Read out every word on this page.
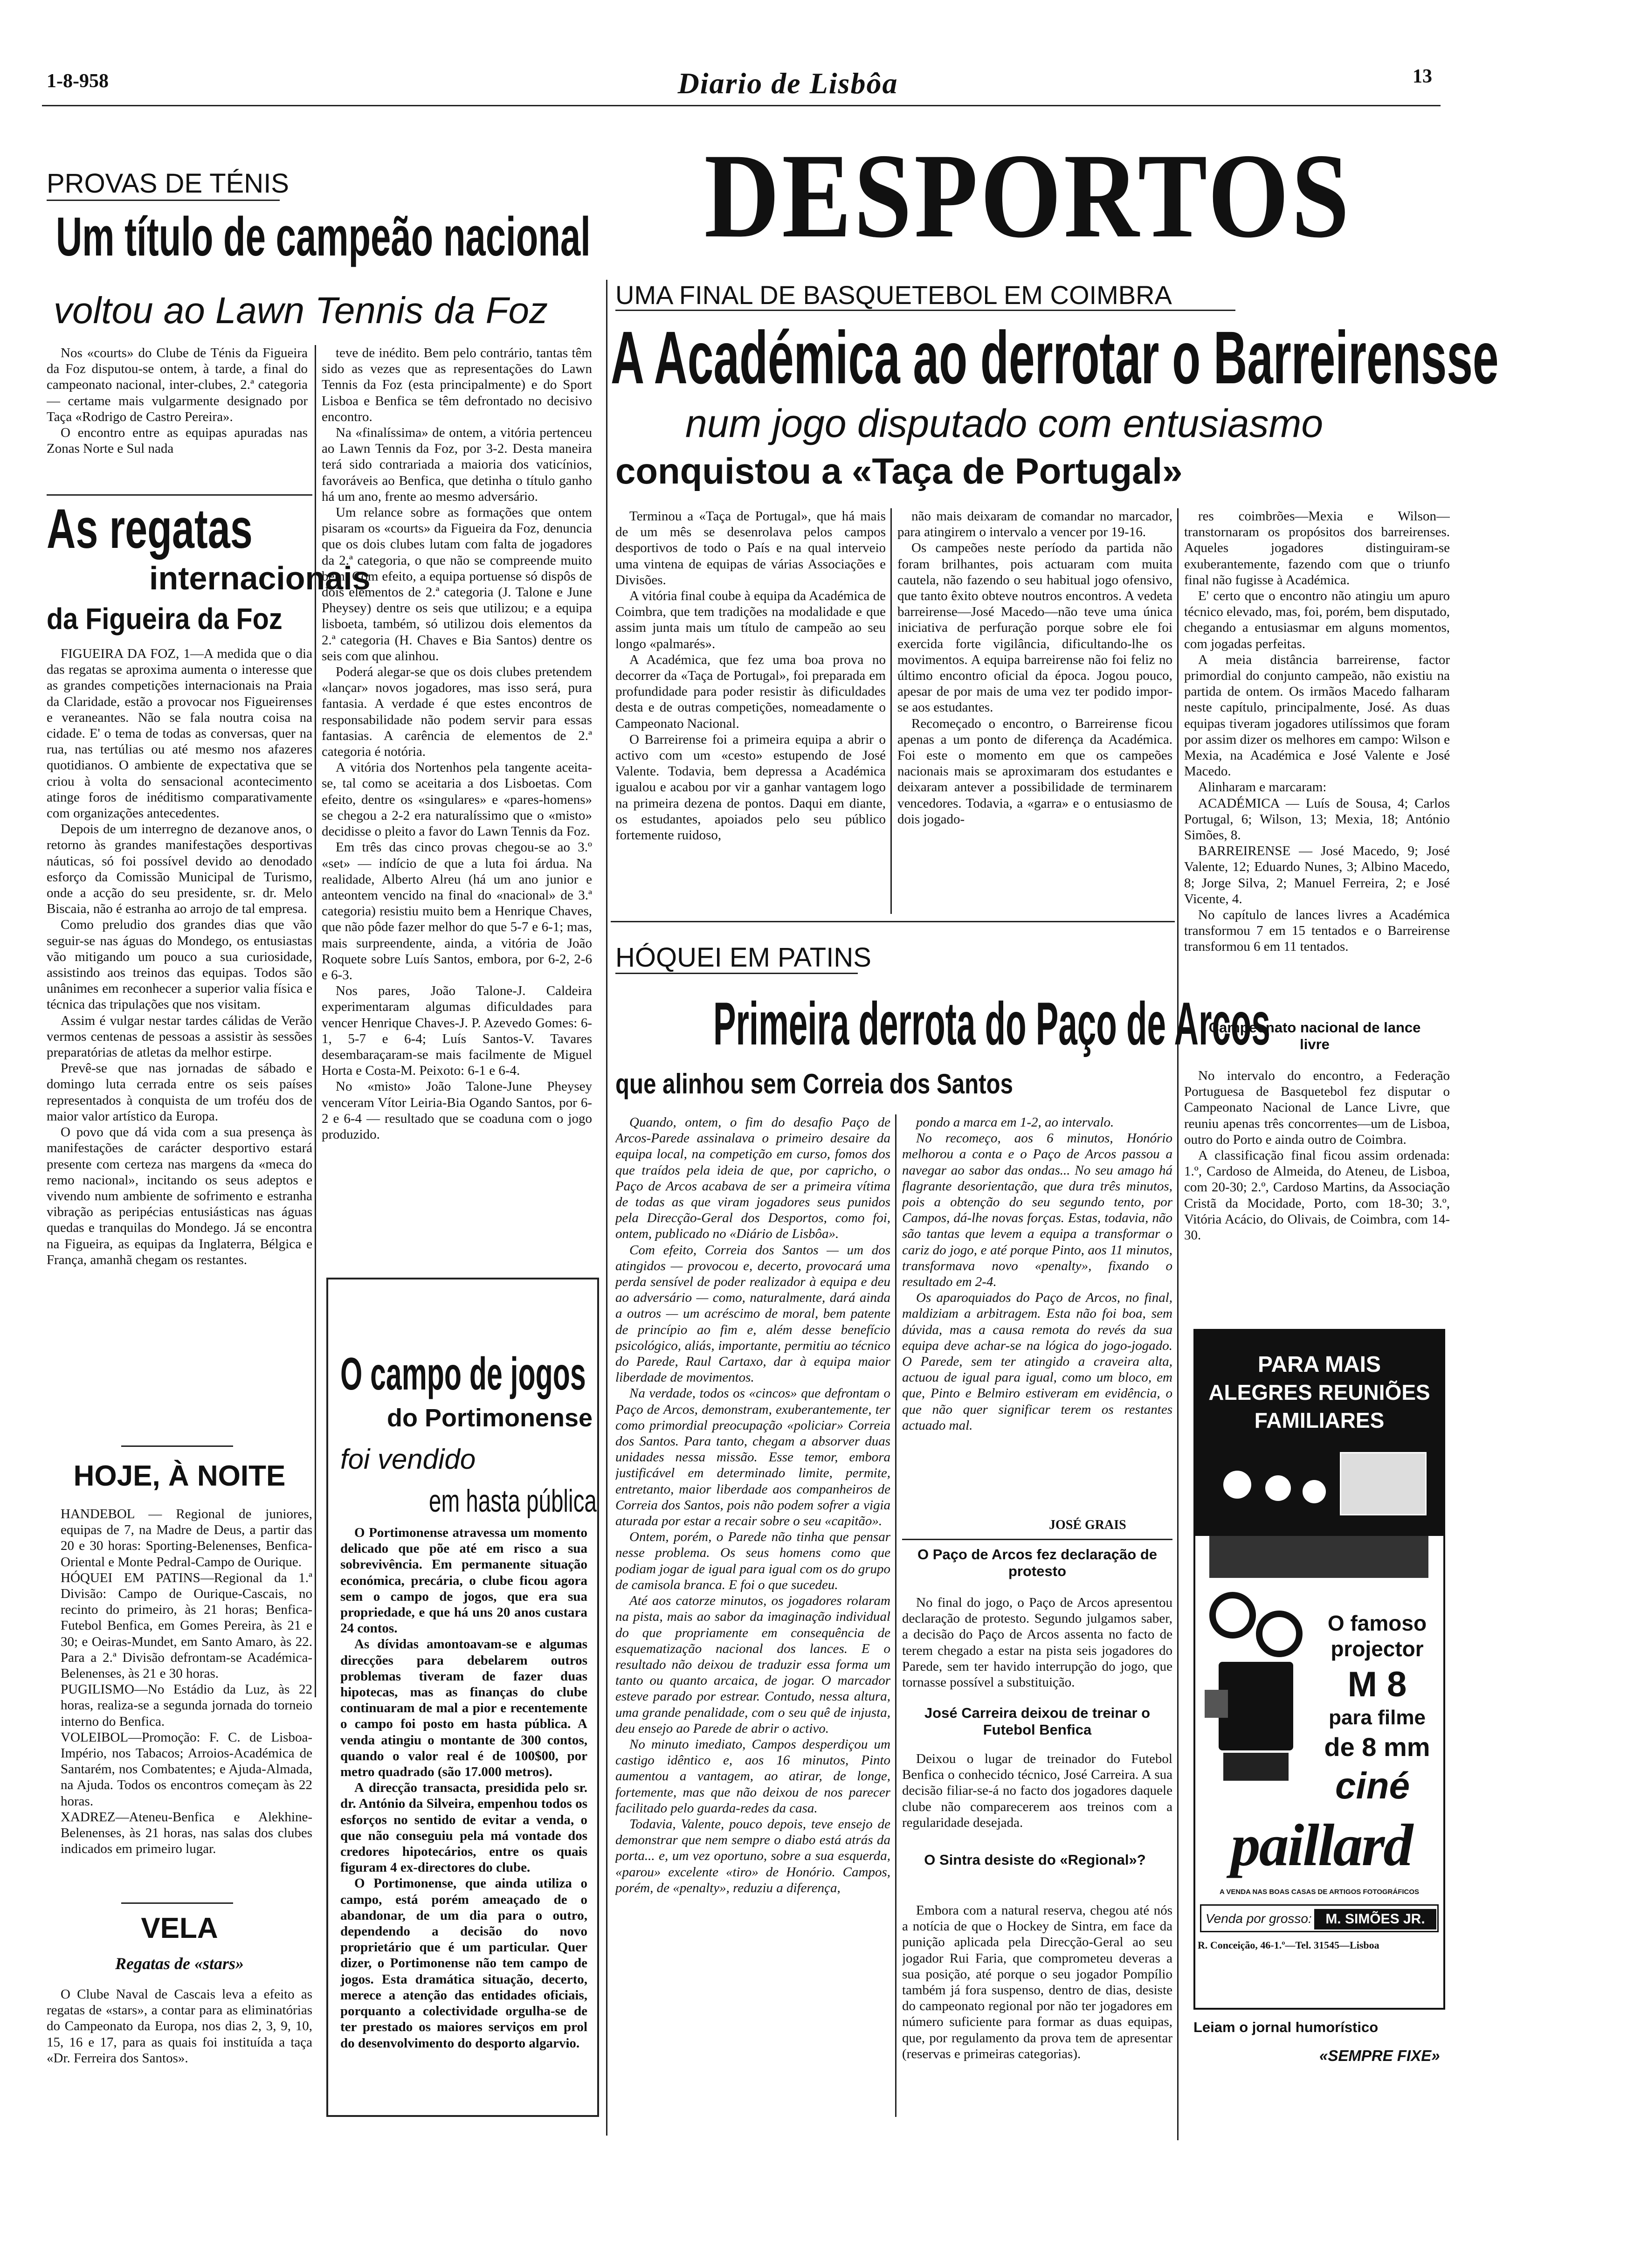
1-8-958	Diario de Lisbôa	13
PROVAS DE TÉNIS
Um título de campeão nacional
voltou ao Lawn Tennis da Foz

Nos «courts» do Clube de Ténis da Figueira da Foz disputou-se ontem, à tarde, a final do campeonato nacional, inter-clubes, 2.ª categoria — certame mais vulgarmente designado por Taça «Rodrigo de Castro Pereira».

O encontro entre as equipas apuradas nas Zonas Norte e Sul nada

teve de inédito. Bem pelo contrário, tantas têm sido as vezes que as representações do Lawn Tennis da Foz (esta principalmente) e do Sport Lisboa e Benfica se têm defrontado no decisivo encontro.

Na «finalíssima» de ontem, a vitória pertenceu ao Lawn Tennis da Foz, por 3-2. Desta maneira terá sido contrariada a maioria dos vaticínios, favoráveis ao Benfica, que detinha o título ganho há um ano, frente ao mesmo adversário.

Um relance sobre as formações que ontem pisaram os «courts» da Figueira da Foz, denuncia que os dois clubes lutam com falta de jogadores da 2.ª categoria, o que não se compreende muito bem. Com efeito, a equipa portuense só dispôs de dois elementos de 2.ª categoria (J. Talone e June Pheysey) dentre os seis que utilizou; e a equipa lisboeta, também, só utilizou dois elementos da 2.ª categoria (H. Chaves e Bia Santos) dentre os seis com que alinhou.

Poderá alegar-se que os dois clubes pretendem «lançar» novos jogadores, mas isso será, pura fantasia. A verdade é que estes encontros de responsabilidade não podem servir para essas fantasias. A carência de elementos de 2.ª categoria é notória.

A vitória dos Nortenhos pela tangente aceita-se, tal como se aceitaria a dos Lisboetas. Com efeito, dentre os «singulares» e «pares-homens» se chegou a 2-2 era naturalíssimo que o «misto» decidisse o pleito a favor do Lawn Tennis da Foz.

Em três das cinco provas chegou-se ao 3.º «set» — indício de que a luta foi árdua. Na realidade, Alberto Alreu (há um ano junior e anteontem vencido na final do «nacional» de 3.ª categoria) resistiu muito bem a Henrique Chaves, que não pôde fazer melhor do que 5-7 e 6-1; mas, mais surpreendente, ainda, a vitória de João Roquete sobre Luís Santos, embora, por 6-2, 2-6 e 6-3.

Nos pares, João Talone-J. Caldeira experimentaram algumas dificuldades para vencer Henrique Chaves-J. P. Azevedo Gomes: 6-1, 5-7 e 6-4; Luís Santos-V. Tavares desembaraçaram-se mais facilmente de Miguel Horta e Costa-M. Peixoto: 6-1 e 6-4.

No «misto» João Talone-June Pheysey venceram Vítor Leiria-Bia Ogando Santos, por 6-2 e 6-4 — resultado que se coaduna com o jogo produzido.

As regatas
internacionais
da Figueira da Foz

FIGUEIRA DA FOZ, 1—A medida que o dia das regatas se aproxima aumenta o interesse que as grandes competições internacionais na Praia da Claridade, estão a provocar nos Figueirenses e veraneantes. Não se fala noutra coisa na cidade. E' o tema de todas as conversas, quer na rua, nas tertúlias ou até mesmo nos afazeres quotidianos. O ambiente de expectativa que se criou à volta do sensacional acontecimento atinge foros de inéditismo comparativamente com organizações antecedentes.

Depois de um interregno de dezanove anos, o retorno às grandes manifestações desportivas náuticas, só foi possível devido ao denodado esforço da Comissão Municipal de Turismo, onde a acção do seu presidente, sr. dr. Melo Biscaia, não é estranha ao arrojo de tal empresa.

Como preludio dos grandes dias que vão seguir-se nas águas do Mondego, os entusiastas vão mitigando um pouco a sua curiosidade, assistindo aos treinos das equipas. Todos são unânimes em reconhecer a superior valia física e técnica das tripulações que nos visitam.

Assim é vulgar nestar tardes cálidas de Verão vermos centenas de pessoas a assistir às sessões preparatórias de atletas da melhor estirpe.

Prevê-se que nas jornadas de sábado e domingo luta cerrada entre os seis países representados à conquista de um troféu dos de maior valor artístico da Europa.

O povo que dá vida com a sua presença às manifestações de carácter desportivo estará presente com certeza nas margens da «meca do remo nacional», incitando os seus adeptos e vivendo num ambiente de sofrimento e estranha vibração as peripécias entusiásticas nas águas quedas e tranquilas do Mondego. Já se encontra na Figueira, as equipas da Inglaterra, Bélgica e França, amanhã chegam os restantes.

HOJE, À NOITE

HANDEBOL — Regional de juniores, equipas de 7, na Madre de Deus, a partir das 20 e 30 horas: Sporting-Belenenses, Benfica-Oriental e Monte Pedral-Campo de Ourique.

HÓQUEI EM PATINS—Regional da 1.ª Divisão: Campo de Ourique-Cascais, no recinto do primeiro, às 21 horas; Benfica-Futebol Benfica, em Gomes Pereira, às 21 e 30; e Oeiras-Mundet, em Santo Amaro, às 22. Para a 2.ª Divisão defrontam-se Académica-Belenenses, às 21 e 30 horas.

PUGILISMO—No Estádio da Luz, às 22 horas, realiza-se a segunda jornada do torneio interno do Benfica.

VOLEIBOL—Promoção: F. C. de Lisboa-Império, nos Tabacos; Arroios-Académica de Santarém, nos Combatentes; e Ajuda-Almada, na Ajuda. Todos os encontros começam às 22 horas.

XADREZ—Ateneu-Benfica e Alekhine-Belenenses, às 21 horas, nas salas dos clubes indicados em primeiro lugar.

VELA
Regatas de «stars»

O Clube Naval de Cascais leva a efeito as regatas de «stars», a contar para as eliminatórias do Campeonato da Europa, nos dias 2, 3, 9, 10, 15, 16 e 17, para as quais foi instituída a taça «Dr. Ferreira dos Santos».

O campo de jogos
do Portimonense
foi vendido
em hasta pública

O Portimonense atravessa um momento delicado que põe até em risco a sua sobrevivência. Em permanente situação económica, precária, o clube ficou agora sem o campo de jogos, que era sua propriedade, e que há uns 20 anos custara 24 contos.

As dívidas amontoavam-se e algumas direcções para debelarem outros problemas tiveram de fazer duas hipotecas, mas as finanças do clube continuaram de mal a pior e recentemente o campo foi posto em hasta pública. A venda atingiu o montante de 300 contos, quando o valor real é de 100$00, por metro quadrado (são 17.000 metros).

A direcção transacta, presidida pelo sr. dr. António da Silveira, empenhou todos os esforços no sentido de evitar a venda, o que não conseguiu pela má vontade dos credores hipotecários, entre os quais figuram 4 ex-directores do clube.

O Portimonense, que ainda utiliza o campo, está porém ameaçado de o abandonar, de um dia para o outro, dependendo a decisão do novo proprietário que é um particular. Quer dizer, o Portimonense não tem campo de jogos. Esta dramática situação, decerto, merece a atenção das entidades oficiais, porquanto a colectividade orgulha-se de ter prestado os maiores serviços em prol do desenvolvimento do desporto algarvio.

DESPORTOS
UMA FINAL DE BASQUETEBOL EM COIMBRA
A Académica ao derrotar o Barreirensse
num jogo disputado com entusiasmo
conquistou a «Taça de Portugal»

Terminou a «Taça de Portugal», que há mais de um mês se desenrolava pelos campos desportivos de todo o País e na qual interveio uma vintena de equipas de várias Associações e Divisões.

A vitória final coube à equipa da Académica de Coimbra, que tem tradições na modalidade e que assim junta mais um título de campeão ao seu longo «palmarés».

A Académica, que fez uma boa prova no decorrer da «Taça de Portugal», foi preparada em profundidade para poder resistir às dificuldades desta e de outras competições, nomeadamente o Campeonato Nacional.

O Barreirense foi a primeira equipa a abrir o activo com um «cesto» estupendo de José Valente. Todavia, bem depressa a Académica igualou e acabou por vir a ganhar vantagem logo na primeira dezena de pontos. Daqui em diante, os estudantes, apoiados pelo seu público fortemente ruidoso,

não mais deixaram de comandar no marcador, para atingirem o intervalo a vencer por 19-16.

Os campeões neste período da partida não foram brilhantes, pois actuaram com muita cautela, não fazendo o seu habitual jogo ofensivo, que tanto êxito obteve noutros encontros. A vedeta barreirense—José Macedo—não teve uma única iniciativa de perfuração porque sobre ele foi exercida forte vigilância, dificultando-lhe os movimentos. A equipa barreirense não foi feliz no último encontro oficial da época. Jogou pouco, apesar de por mais de uma vez ter podido impor-se aos estudantes.

Recomeçado o encontro, o Barreirense ficou apenas a um ponto de diferença da Académica. Foi este o momento em que os campeões nacionais mais se aproximaram dos estudantes e deixaram antever a possibilidade de terminarem vencedores. Todavia, a «garra» e o entusiasmo de dois jogado-

res coimbrões—Mexia e Wilson—transtornaram os propósitos dos barreirenses. Aqueles jogadores distinguiram-se exuberantemente, fazendo com que o triunfo final não fugisse à Académica.

E' certo que o encontro não atingiu um apuro técnico elevado, mas, foi, porém, bem disputado, chegando a entusiasmar em alguns momentos, com jogadas perfeitas.

A meia distância barreirense, factor primordial do conjunto campeão, não existiu na partida de ontem. Os irmãos Macedo falharam neste capítulo, principalmente, José. As duas equipas tiveram jogadores utilíssimos que foram por assim dizer os melhores em campo: Wilson e Mexia, na Académica e José Valente e José Macedo.

Alinharam e marcaram:

ACADÉMICA — Luís de Sousa, 4; Carlos Portugal, 6; Wilson, 13; Mexia, 18; António Simões, 8.

BARREIRENSE — José Macedo, 9; José Valente, 12; Eduardo Nunes, 3; Albino Macedo, 8; Jorge Silva, 2; Manuel Ferreira, 2; e José Vicente, 4.

No capítulo de lances livres a Académica transformou 7 em 15 tentados e o Barreirense transformou 6 em 11 tentados.

Campeonato nacional de lance livre

No intervalo do encontro, a Federação Portuguesa de Basquetebol fez disputar o Campeonato Nacional de Lance Livre, que reuniu apenas três concorrentes—um de Lisboa, outro do Porto e ainda outro de Coimbra.

A classificação final ficou assim ordenada: 1.º, Cardoso de Almeida, do Ateneu, de Lisboa, com 20-30; 2.º, Cardoso Martins, da Associação Cristã da Mocidade, Porto, com 18-30; 3.º, Vitória Acácio, do Olivais, de Coimbra, com 14-30.

HÓQUEI EM PATINS
Primeira derrota do Paço de Arcos
que alinhou sem Correia dos Santos

Quando, ontem, o fim do desafio Paço de Arcos-Parede assinalava o primeiro desaire da equipa local, na competição em curso, fomos dos que traídos pela ideia de que, por capricho, o Paço de Arcos acabava de ser a primeira vítima de todas as que viram jogadores seus punidos pela Direcção-Geral dos Desportos, como foi, ontem, publicado no «Diário de Lisbôa».

Com efeito, Correia dos Santos — um dos atingidos — provocou e, decerto, provocará uma perda sensível de poder realizador à equipa e deu ao adversário — como, naturalmente, dará ainda a outros — um acréscimo de moral, bem patente de princípio ao fim e, além desse benefício psicológico, aliás, importante, permitiu ao técnico do Parede, Raul Cartaxo, dar à equipa maior liberdade de movimentos.

Na verdade, todos os «cincos» que defrontam o Paço de Arcos, demonstram, exuberantemente, ter como primordial preocupação «policiar» Correia dos Santos. Para tanto, chegam a absorver duas unidades nessa missão. Esse temor, embora justificável em determinado limite, permite, entretanto, maior liberdade aos companheiros de Correia dos Santos, pois não podem sofrer a vigia aturada por estar a recair sobre o seu «capitão».

Ontem, porém, o Parede não tinha que pensar nesse problema. Os seus homens como que podiam jogar de igual para igual com os do grupo de camisola branca. E foi o que sucedeu.

Até aos catorze minutos, os jogadores rolaram na pista, mais ao sabor da imaginação individual do que propriamente em consequência de esquematização nacional dos lances. E o resultado não deixou de traduzir essa forma um tanto ou quanto arcaica, de jogar. O marcador esteve parado por estrear. Contudo, nessa altura, uma grande penalidade, com o seu quê de injusta, deu ensejo ao Parede de abrir o activo.

No minuto imediato, Campos desperdiçou um castigo idêntico e, aos 16 minutos, Pinto aumentou a vantagem, ao atirar, de longe, fortemente, mas que não deixou de nos parecer facilitado pelo guarda-redes da casa.

Todavia, Valente, pouco depois, teve ensejo de demonstrar que nem sempre o diabo está atrás da porta... e, um vez oportuno, sobre a sua esquerda, «parou» excelente «tiro» de Honório. Campos, porém, de «penalty», reduziu a diferença,

pondo a marca em 1-2, ao intervalo.

No recomeço, aos 6 minutos, Honório melhorou a conta e o Paço de Arcos passou a navegar ao sabor das ondas... No seu amago há flagrante desorientação, que dura três minutos, pois a obtenção do seu segundo tento, por Campos, dá-lhe novas forças. Estas, todavia, não são tantas que levem a equipa a transformar o cariz do jogo, e até porque Pinto, aos 11 minutos, transformava novo «penalty», fixando o resultado em 2-4.

Os aparoquiados do Paço de Arcos, no final, maldiziam a arbitragem. Esta não foi boa, sem dúvida, mas a causa remota do revés da sua equipa deve achar-se na lógica do jogo-jogado. O Parede, sem ter atingido a craveira alta, actuou de igual para igual, como um bloco, em que, Pinto e Belmiro estiveram em evidência, o que não quer significar terem os restantes actuado mal.

JOSÉ GRAIS
O Paço de Arcos fez declaração de protesto

No final do jogo, o Paço de Arcos apresentou declaração de protesto. Segundo julgamos saber, a decisão do Paço de Arcos assenta no facto de terem chegado a estar na pista seis jogadores do Parede, sem ter havido interrupção do jogo, que tornasse possível a substituição.

José Carreira deixou de treinar o Futebol Benfica

Deixou o lugar de treinador do Futebol Benfica o conhecido técnico, José Carreira. A sua decisão filiar-se-á no facto dos jogadores daquele clube não comparecerem aos treinos com a regularidade desejada.

O Sintra desiste do «Regional»?

Embora com a natural reserva, chegou até nós a notícia de que o Hockey de Sintra, em face da punição aplicada pela Direcção-Geral ao seu jogador Rui Faria, que comprometeu deveras a sua posição, até porque o seu jogador Pompílio também já fora suspenso, dentro de dias, desiste do campeonato regional por não ter jogadores em número suficiente para formar as duas equipas, que, por regulamento da prova tem de apresentar (reservas e primeiras categorias).

PARA MAIS
ALEGRES REUNIÕES
FAMILIARES
O famoso
projector
M 8
para filme
de 8 mm
ciné
paillard
A VENDA NAS BOAS CASAS DE ARTIGOS FOTOGRÁFICOS
Venda por grosso: M. SIMÕES JR.
R. Conceição, 46-1.º—Tel. 31545—Lisboa
Leiam o jornal humorístico
«SEMPRE FIXE»
